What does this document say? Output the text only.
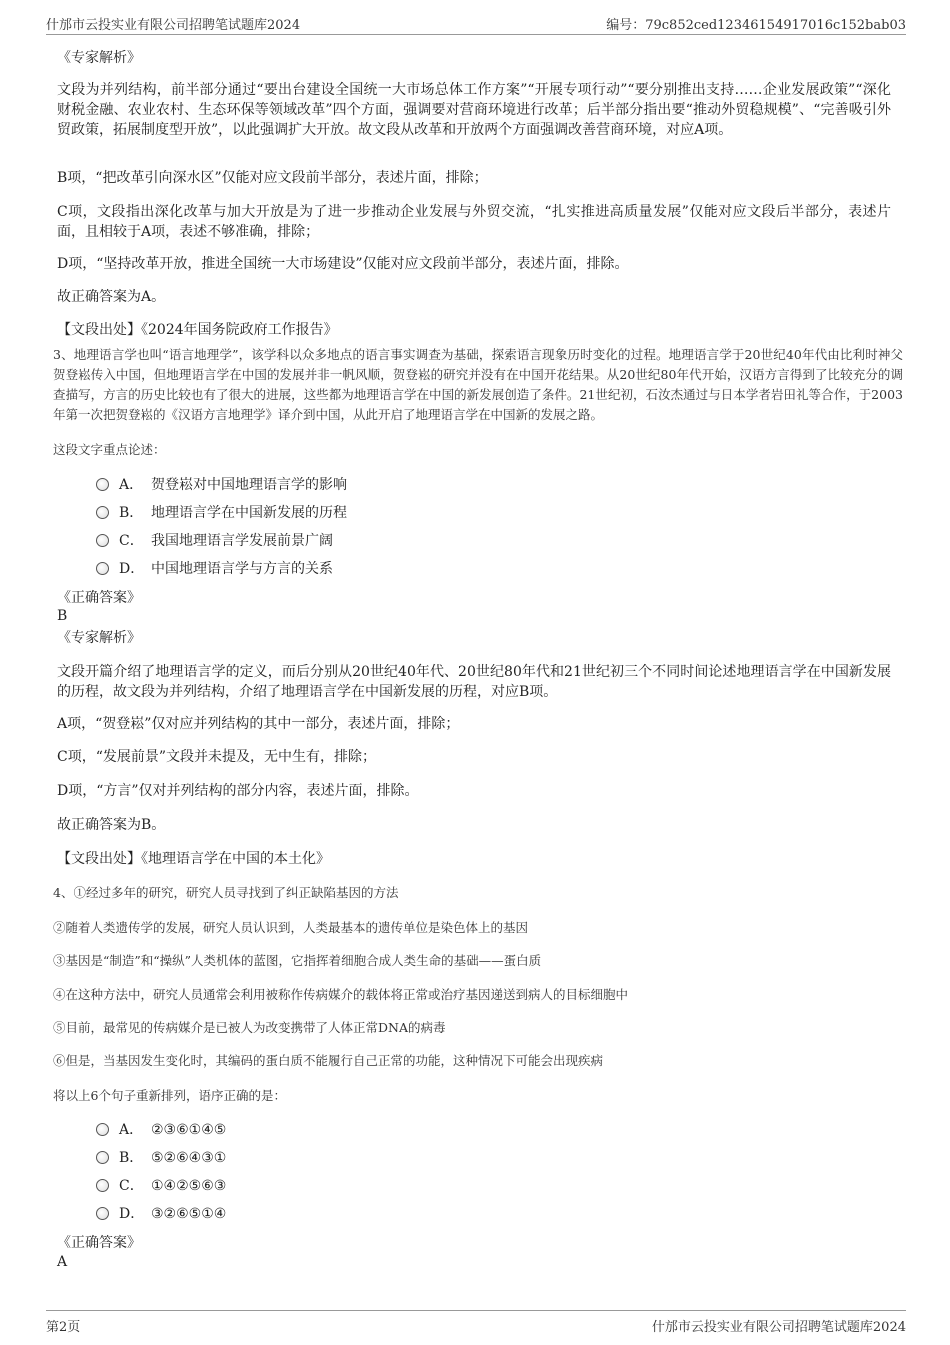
什邡市云投实业有限公司招聘笔试题库2024	编号：79c852ced12346154917016c152bab03
《专家解析》
文段为并列结构，前半部分通过“要出台建设全国统一大市场总体工作方案”“开展专项行动”“要分别推出支持……企业发展政策”“深化财税金融、农业农村、生态环保等领域改革”四个方面，强调要对营商环境进行改革；后半部分指出要“推动外贸稳规模”、“完善吸引外贸政策，拓展制度型开放”，以此强调扩大开放。故文段从改革和开放两个方面强调改善营商环境，对应A项。
B项，“把改革引向深水区”仅能对应文段前半部分，表述片面，排除；
C项，文段指出深化改革与加大开放是为了进一步推动企业发展与外贸交流，“扎实推进高质量发展”仅能对应文段后半部分，表述片面，且相较于A项，表述不够准确，排除；
D项，“坚持改革开放，推进全国统一大市场建设”仅能对应文段前半部分，表述片面，排除。
故正确答案为A。
【文段出处】《2024年国务院政府工作报告》
3、地理语言学也叫“语言地理学”，该学科以众多地点的语言事实调查为基础，探索语言现象历时变化的过程。地理语言学于20世纪40年代由比利时神父贺登崧传入中国，但地理语言学在中国的发展并非一帆风顺，贺登崧的研究并没有在中国开花结果。从20世纪80年代开始，汉语方言得到了比较充分的调查描写，方言的历史比较也有了很大的进展，这些都为地理语言学在中国的新发展创造了条件。21世纪初，石汝杰通过与日本学者岩田礼等合作，于2003年第一次把贺登崧的《汉语方言地理学》译介到中国，从此开启了地理语言学在中国新的发展之路。
这段文字重点论述：
A． 贺登崧对中国地理语言学的影响
B． 地理语言学在中国新发展的历程
C． 我国地理语言学发展前景广阔
D． 中国地理语言学与方言的关系
《正确答案》
B
《专家解析》
文段开篇介绍了地理语言学的定义，而后分别从20世纪40年代、20世纪80年代和21世纪初三个不同时间论述地理语言学在中国新发展的历程，故文段为并列结构，介绍了地理语言学在中国新发展的历程，对应B项。
A项，“贺登崧”仅对应并列结构的其中一部分，表述片面，排除；
C项，“发展前景”文段并未提及，无中生有，排除；
D项，“方言”仅对并列结构的部分内容，表述片面，排除。
故正确答案为B。
【文段出处】《地理语言学在中国的本土化》
4、①经过多年的研究，研究人员寻找到了纠正缺陷基因的方法
②随着人类遗传学的发展，研究人员认识到，人类最基本的遗传单位是染色体上的基因
③基因是“制造”和“操纵”人类机体的蓝图，它指挥着细胞合成人类生命的基础——蛋白质
④在这种方法中，研究人员通常会利用被称作传病媒介的载体将正常或治疗基因递送到病人的目标细胞中
⑤目前，最常见的传病媒介是已被人为改变携带了人体正常DNA的病毒
⑥但是，当基因发生变化时，其编码的蛋白质不能履行自己正常的功能，这种情况下可能会出现疾病
将以上6个句子重新排列，语序正确的是：
A． ②③⑥①④⑤
B． ⑤②⑥④③①
C． ①④②⑤⑥③
D． ③②⑥⑤①④
《正确答案》
A
第2页	什邡市云投实业有限公司招聘笔试题库2024
